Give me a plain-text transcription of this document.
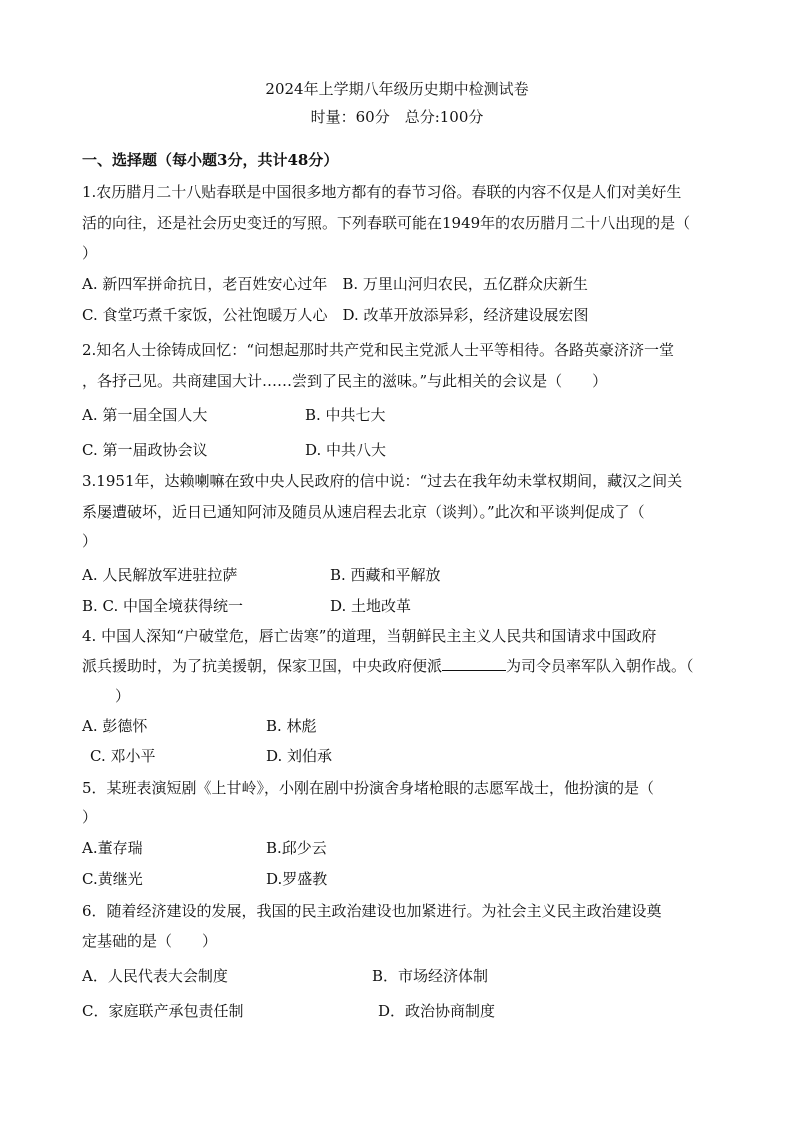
2024年上学期八年级历史期中检测试卷
时量：60分　总分:100分
一、选择题（每小题3分，共计48分）
1.农历腊月二十八贴春联是中国很多地方都有的春节习俗。春联的内容不仅是人们对美好生
活的向往，还是社会历史变迁的写照。下列春联可能在1949年的农历腊月二十八出现的是（
）
A. 新四军拼命抗日，老百姓安心过年　B. 万里山河归农民，五亿群众庆新生
C. 食堂巧煮千家饭，公社饱暖万人心　D. 改革开放添异彩，经济建设展宏图
2.知名人士徐铸成回忆：“问想起那时共产党和民主党派人士平等相待。各路英豪济济一堂
，各抒己见。共商建国大计……尝到了民主的滋味。”与此相关的会议是（　　）
A. 第一届全国人大	B. 中共七大
C. 第一届政协会议	D. 中共八大
3.1951年，达赖喇嘛在致中央人民政府的信中说：“过去在我年幼未掌权期间，藏汉之间关
系屡遭破坏，近日已通知阿沛及随员从速启程去北京（谈判）。”此次和平谈判促成了（
）
A. 人民解放军进驻拉萨	B. 西藏和平解放
B. C. 中国全境获得统一	D. 土地改革
4. 中国人深知“户破堂危，唇亡齿寒”的道理，当朝鲜民主主义人民共和国请求中国政府
派兵援助时，为了抗美援朝，保家卫国，中央政府便派	为司令员率军队入朝作战。（
）
A. 彭德怀	B. 林彪
C. 邓小平	D. 刘伯承
5．某班表演短剧《上甘岭》，小刚在剧中扮演舍身堵枪眼的志愿军战士，他扮演的是（
）
A.董存瑞	B.邱少云
C.黄继光	D.罗盛教
6．随着经济建设的发展，我国的民主政治建设也加紧进行。为社会主义民主政治建设奠
定基础的是（　　）
A．人民代表大会制度	B．市场经济体制
C．家庭联产承包责任制	D．政治协商制度
